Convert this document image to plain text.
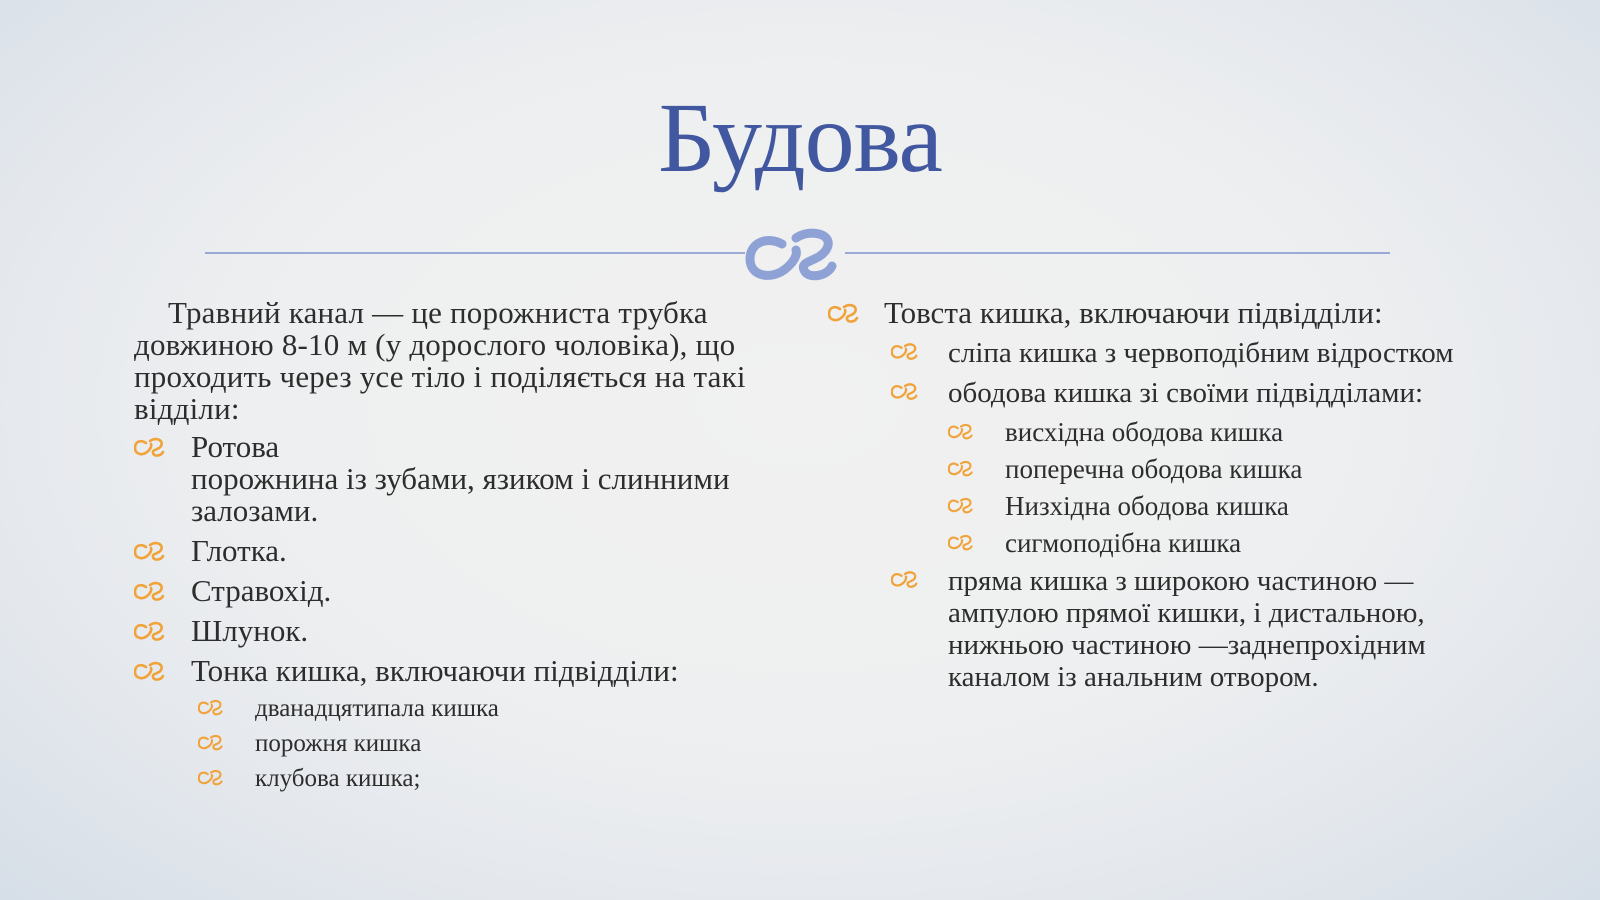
Будова
Травний канал — це порожниста трубка довжиною 8-10 м (у дорослого чоловіка), що проходить через усе тіло і поділяється на такі відділи:
Ротова
порожнина із зубами, язиком і слинними залозами.
Глотка.
Стравохід.
Шлунок.
Тонка кишка, включаючи підвідділи:
дванадцятипала кишка
порожня кишка
клубова кишка;
Товста кишка, включаючи підвідділи:
сліпа кишка з червоподібним відростком
ободова кишка зі своїми підвідділами:
висхідна ободова кишка
поперечна ободова кишка
Низхідна ободова кишка
сигмоподібна кишка
пряма кишка з широкою частиною — ампулою прямої кишки, і дистальною, нижньою частиною —заднепрохідним каналом із анальним отвором.
